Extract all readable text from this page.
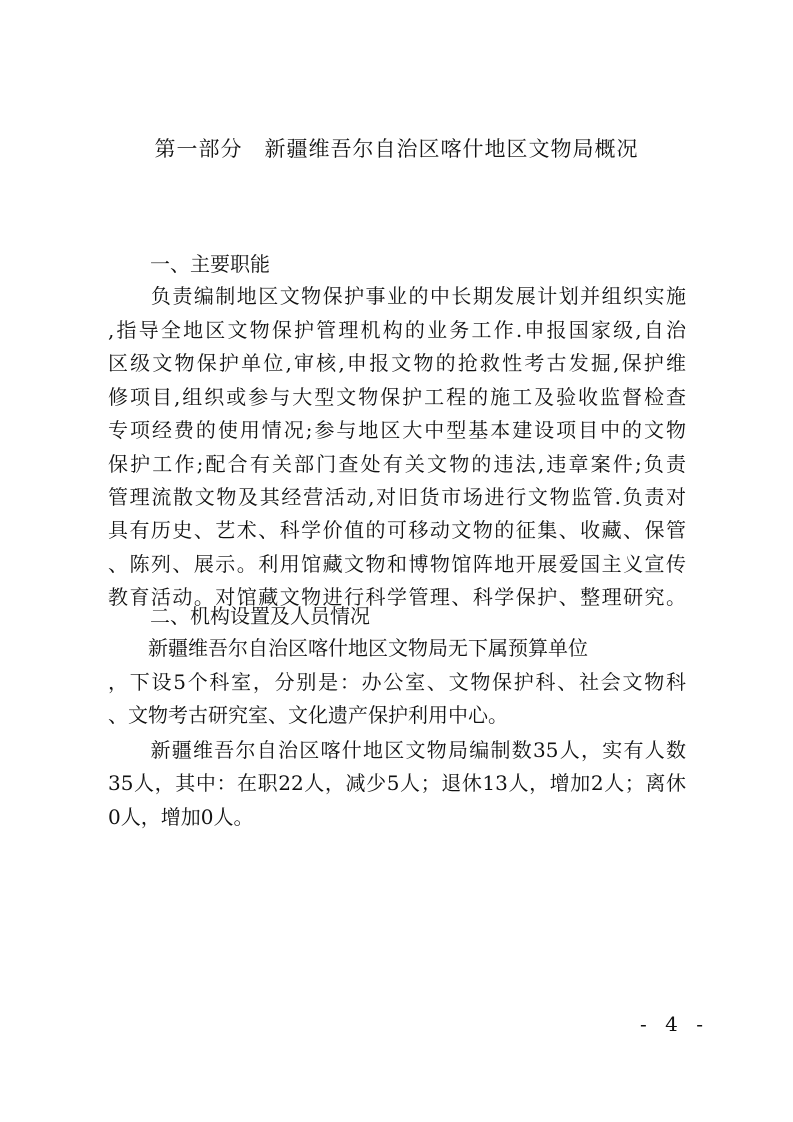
第一部分　新疆维吾尔自治区喀什地区文物局概况
一、主要职能
　　负责编制地区文物保护事业的中长期发展计划并组织实施
,指导全地区文物保护管理机构的业务工作.申报国家级,自治
区级文物保护单位,审核,申报文物的抢救性考古发掘,保护维
修项目,组织或参与大型文物保护工程的施工及验收监督检查
专项经费的使用情况;参与地区大中型基本建设项目中的文物
保护工作;配合有关部门查处有关文物的违法,违章案件;负责
管理流散文物及其经营活动,对旧货市场进行文物监管.负责对
具有历史、艺术、科学价值的可移动文物的征集、收藏、保管
、陈列、展示。利用馆藏文物和博物馆阵地开展爱国主义宣传
教育活动。对馆藏文物进行科学管理、科学保护、整理研究。
二、机构设置及人员情况
　　新疆维吾尔自治区喀什地区文物局无下属预算单位
，下设5个科室，分别是：办公室、文物保护科、社会文物科
、文物考古研究室、文化遗产保护利用中心。
　　新疆维吾尔自治区喀什地区文物局编制数35人，实有人数
35人，其中：在职22人，减少5人；退休13人，增加2人；离休
0人，增加0人。
- 4 -
